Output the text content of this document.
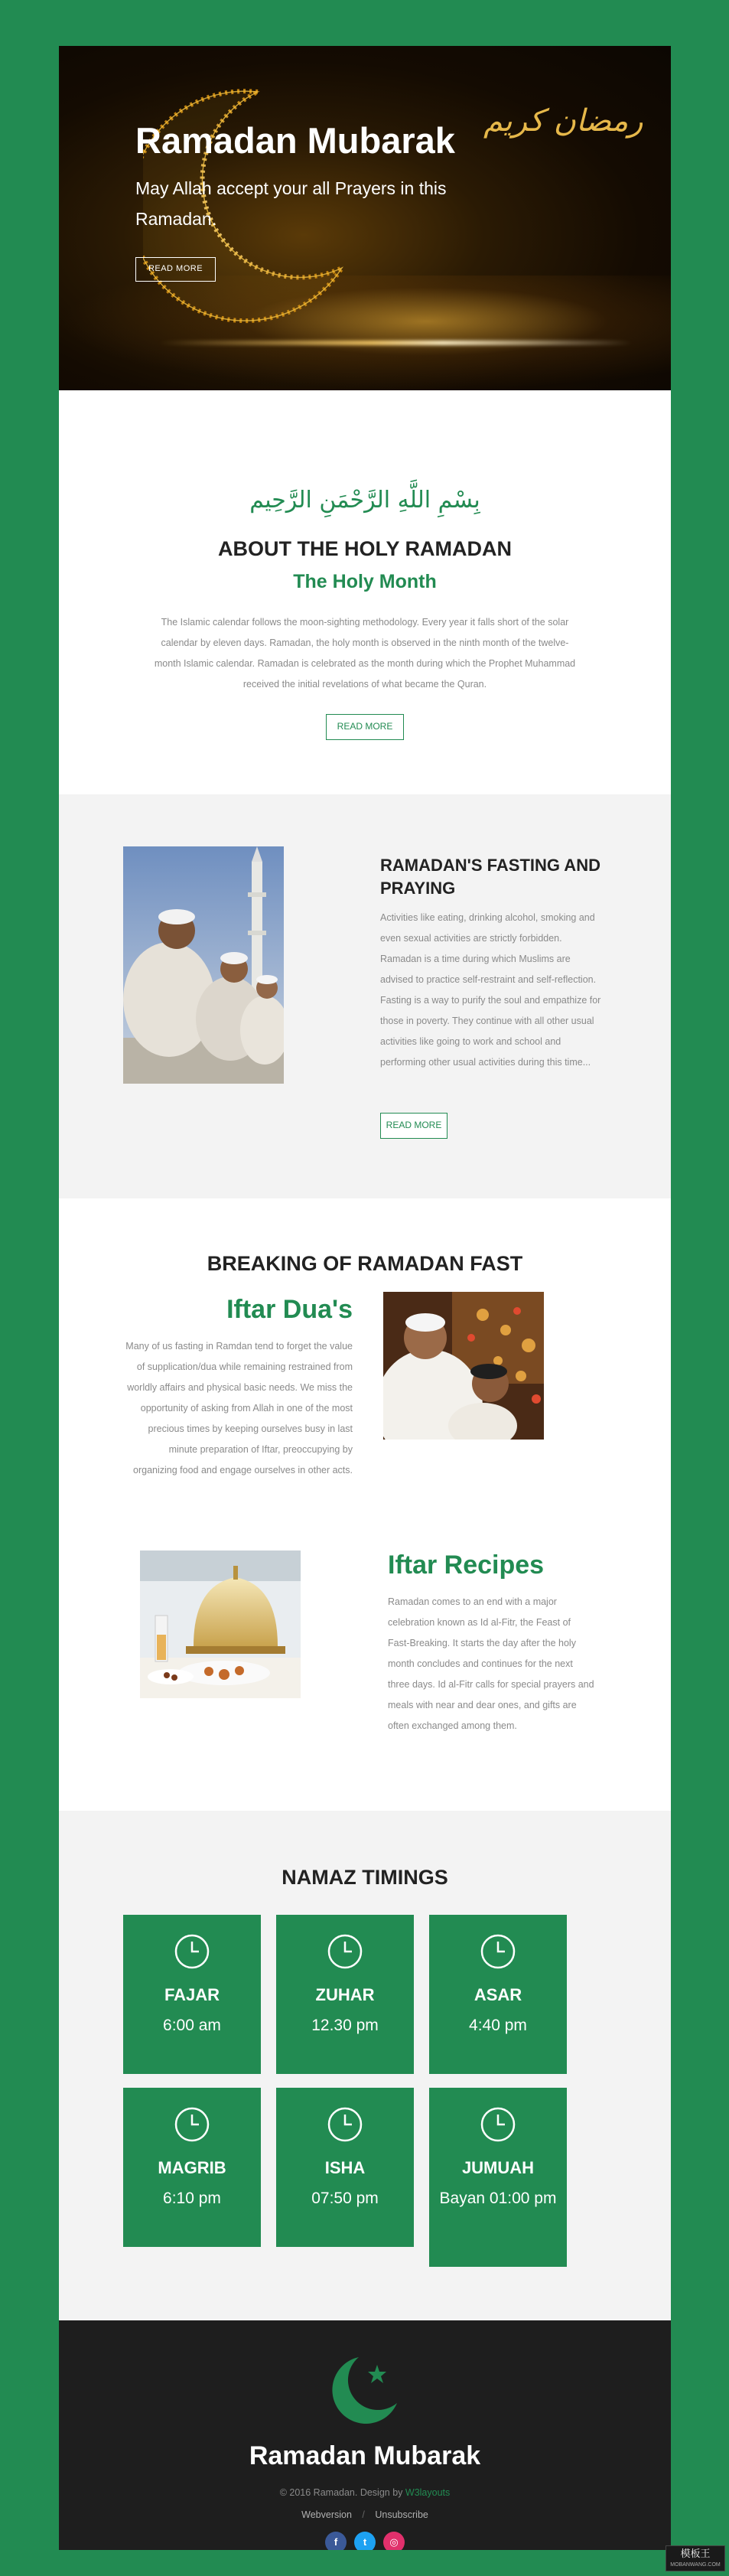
رمضان كريم
Ramadan Mubarak

May Allah accept your all Prayers in this Ramadan.

READ MORE
بِسْمِ اللَّهِ الرَّحْمَنِ الرَّحِيم
ABOUT THE HOLY RAMADAN
The Holy Month

The Islamic calendar follows the moon-sighting methodology. Every year it falls short of the solar calendar by eleven days. Ramadan, the holy month is observed in the ninth month of the twelve-month Islamic calendar. Ramadan is celebrated as the month during which the Prophet Muhammad received the initial revelations of what became the Quran.

READ MORE
RAMADAN'S FASTING AND PRAYING

Activities like eating, drinking alcohol, smoking and even sexual activities are strictly forbidden. Ramadan is a time during which Muslims are advised to practice self-restraint and self-reflection. Fasting is a way to purify the soul and empathize for those in poverty. They continue with all other usual activities like going to work and school and performing other usual activities during this time...

READ MORE
BREAKING OF RAMADAN FAST
Iftar Dua's

Many of us fasting in Ramdan tend to forget the value of supplication/dua while remaining restrained from worldly affairs and physical basic needs. We miss the opportunity of asking from Allah in one of the most precious times by keeping ourselves busy in last minute preparation of Iftar, preoccupying by organizing food and engage ourselves in other acts.

Iftar Recipes

Ramadan comes to an end with a major celebration known as Id al-Fitr, the Feast of Fast-Breaking. It starts the day after the holy month concludes and continues for the next three days. Id al-Fitr calls for special prayers and meals with near and dear ones, and gifts are often exchanged among them.

NAMAZ TIMINGS
FAJAR
6:00 am
ZUHAR
12.30 pm
ASAR
4:40 pm
MAGRIB
6:10 pm
ISHA
07:50 pm
JUMUAH
Bayan 01:00 pm
Ramadan Mubarak
© 2016 Ramadan. Design by W3layouts
Webversion / Unsubscribe
f	t	◎
模板王
MOBANWANG.COM
